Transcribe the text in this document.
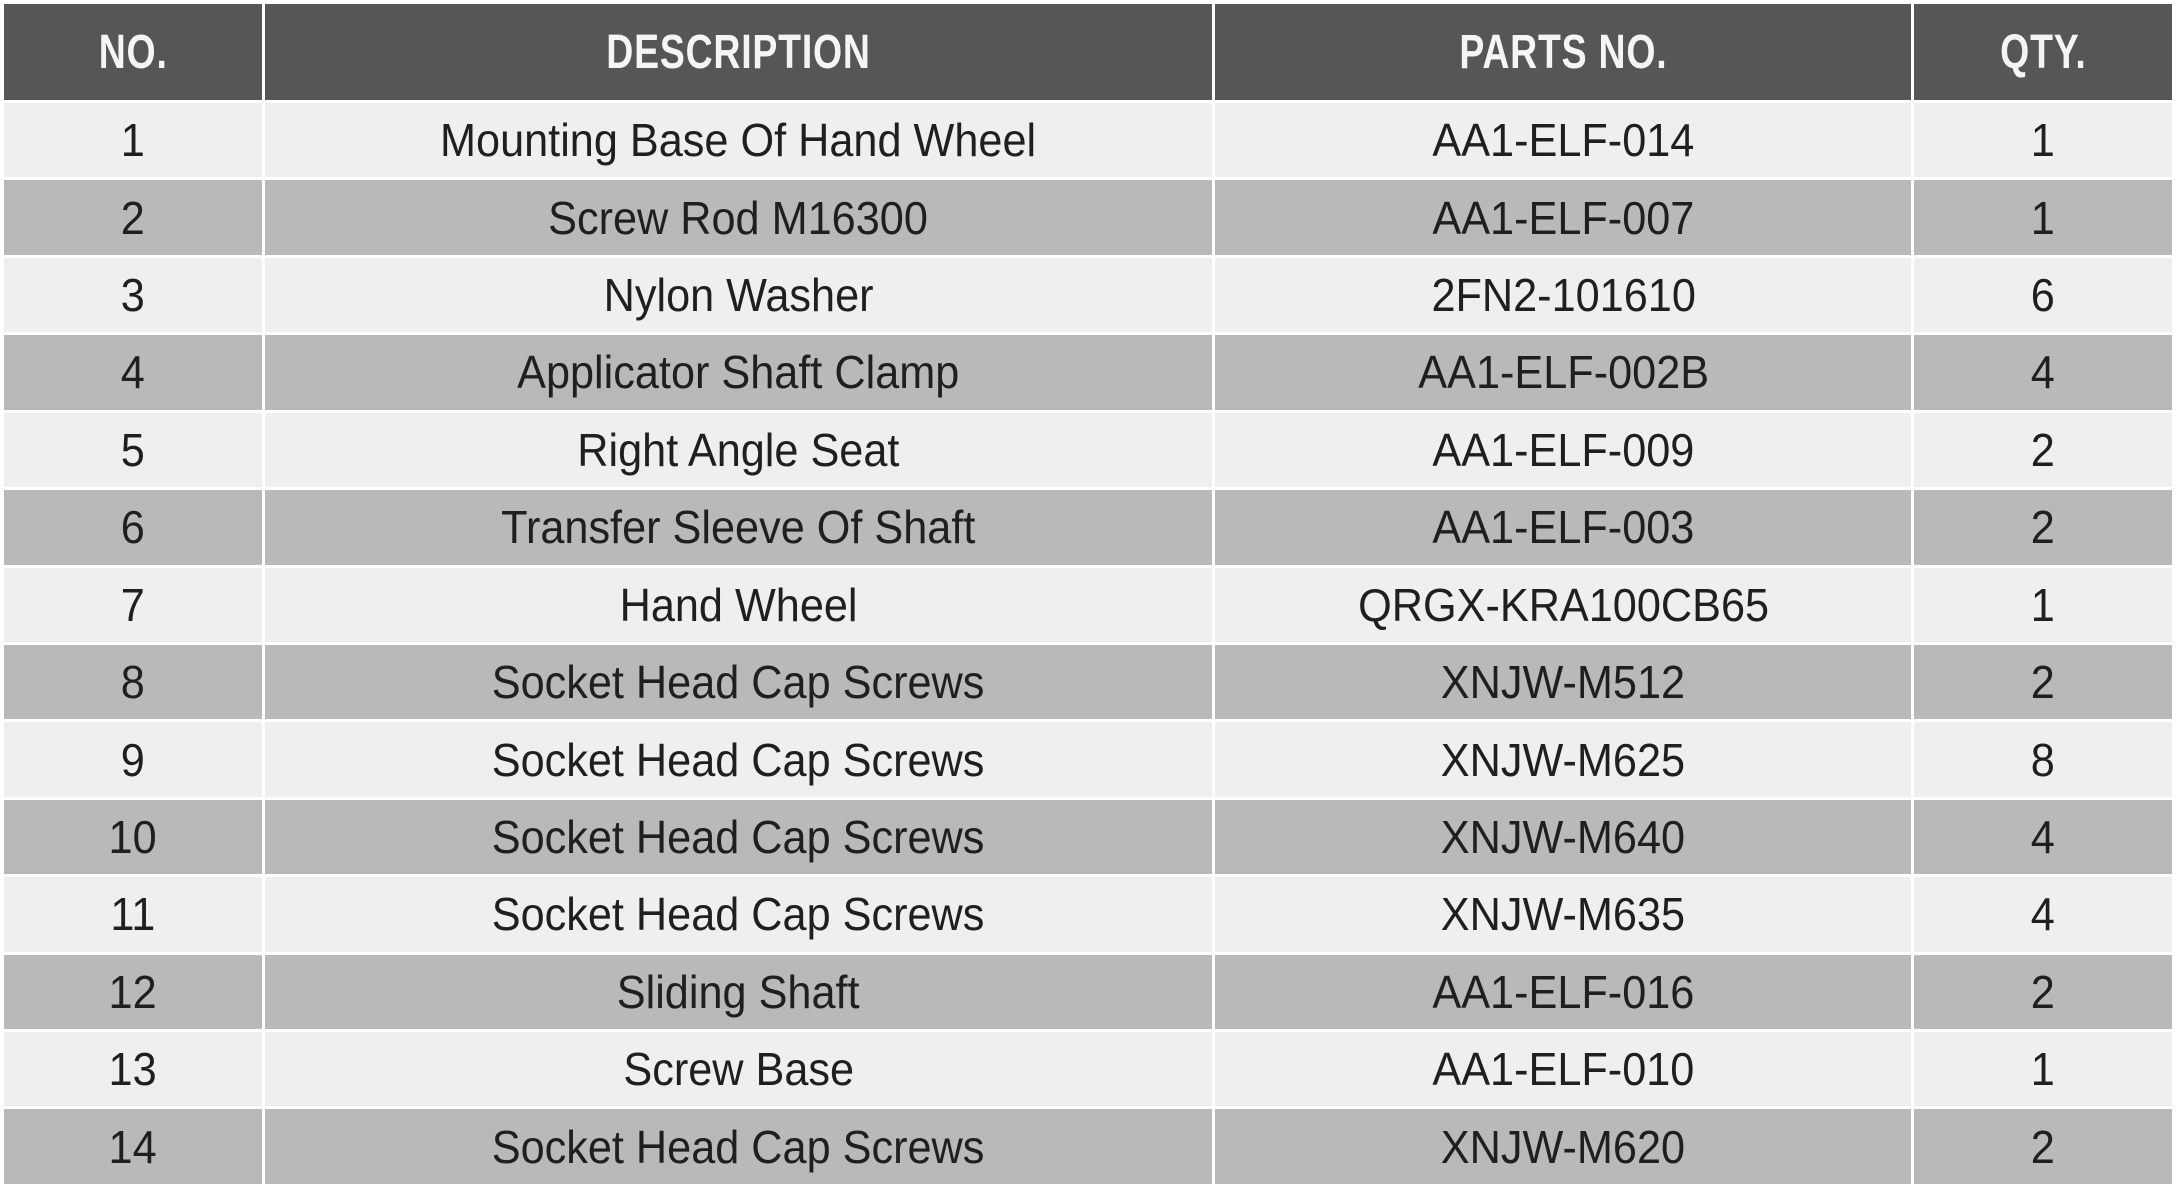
NO.	DESCRIPTION	PARTS NO.	QTY.
1	Mounting Base Of Hand Wheel	AA1-ELF-014	1
2	Screw Rod M16300	AA1-ELF-007	1
3	Nylon Washer	2FN2-101610	6
4	Applicator Shaft Clamp	AA1-ELF-002B	4
5	Right Angle Seat	AA1-ELF-009	2
6	Transfer Sleeve Of Shaft	AA1-ELF-003	2
7	Hand Wheel	QRGX-KRA100CB65	1
8	Socket Head Cap Screws	XNJW-M512	2
9	Socket Head Cap Screws	XNJW-M625	8
10	Socket Head Cap Screws	XNJW-M640	4
11	Socket Head Cap Screws	XNJW-M635	4
12	Sliding Shaft	AA1-ELF-016	2
13	Screw Base	AA1-ELF-010	1
14	Socket Head Cap Screws	XNJW-M620	2
